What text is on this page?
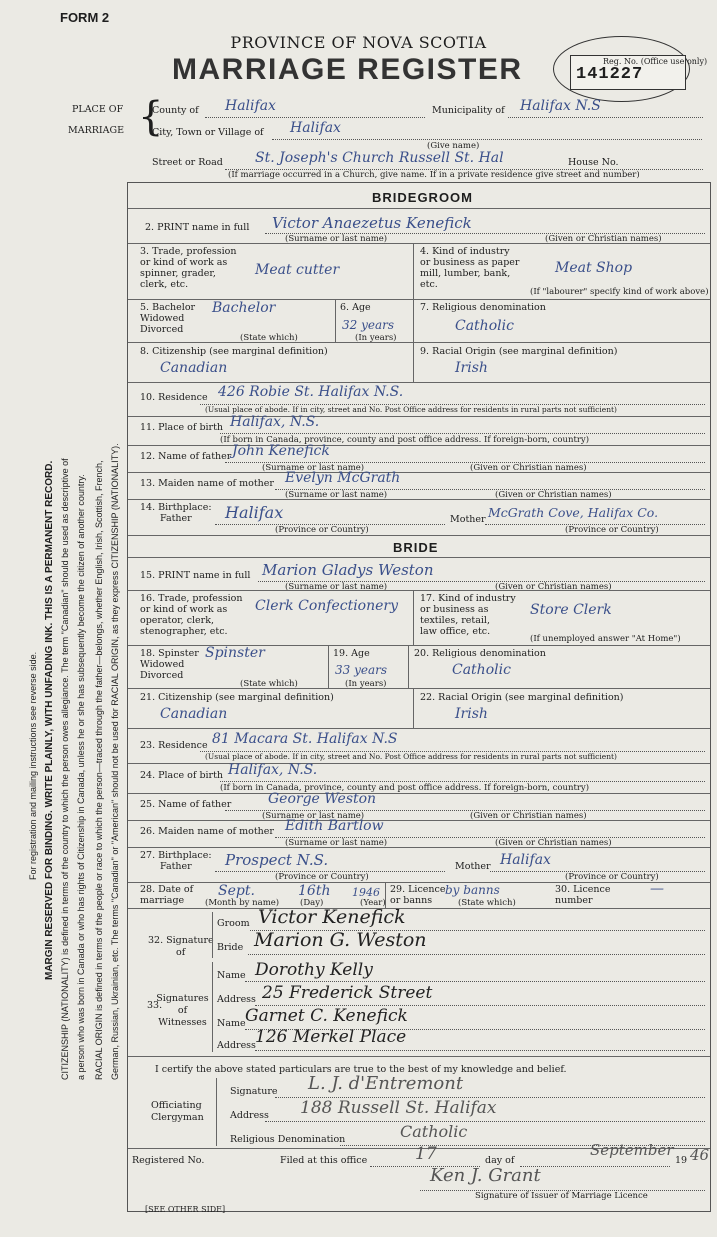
FORM 2
PROVINCE OF NOVA SCOTIA
MARRIAGE REGISTER	Reg. No. (Office use only)
141227
PLACE OF
MARRIAGE {
County of Halifax	Municipality of Halifax N.S
City, Town or Village of Halifax
(Give name)
Street or Road St. Joseph's Church Russell St. Hal	House No.
(If marriage occurred in a Church, give name. If in a private residence give street and number)
For registration and mailing instructions see reverse side. MARGIN RESERVED FOR BINDING. WRITE PLAINLY, WITH UNFADING INK. THIS IS A PERMANENT RECORD. CITIZENSHIP (NATIONALITY) is defined in terms of the country to which the person owes allegiance. The term "Canadian" should be used as descriptive of a person who was born in Canada or who has rights of Citizenship in Canada, unless he or she has subsequently become the citizen of another country. RACIAL ORIGIN is defined in terms of the people or race to which the person—traced through the father—belongs, whether English, Irish, Scottish, French, German, Russian, Ukrainian, etc. The terms "Canadian" or "American" should not be used for RACIAL ORIGIN, as they express CITIZENSHIP (NATIONALITY).
BRIDEGROOM
2. PRINT name in full Victor Anaezetus Kenefick
(Surname or last name)	(Given or Christian names)
3. Trade, profession
or kind of work as
spinner, grader,
clerk, etc.
Meat cutter
4. Kind of industry
or business as paper
mill, lumber, bank,
etc.
Meat Shop
(If "labourer" specify kind of work above)
5. Bachelor
Widowed
Divorced
Bachelor
(State which)
6. Age
32 years
(In years)
7. Religious denomination
Catholic
8. Citizenship (see marginal definition)
Canadian
9. Racial Origin (see marginal definition)
Irish
10. Residence 426 Robie St. Halifax N.S.
(Usual place of abode. If in city, street and No. Post Office address for residents in rural parts not sufficient)
11. Place of birth Halifax, N.S.
(If born in Canada, province, county and post office address. If foreign-born, country)
12. Name of father John Kenefick
(Surname or last name)	(Given or Christian names)
13. Maiden name of mother Evelyn McGrath
(Surname or last name)	(Given or Christian names)
14. Birthplace:
Father	Halifax
(Province or Country)
Mother McGrath Cove, Halifax Co.
(Province or Country)
BRIDE
15. PRINT name in full Marion Gladys Weston
(Surname or last name)	(Given or Christian names)
16. Trade, profession
or kind of work as
operator, clerk,
stenographer, etc.
Clerk Confectionery	17. Kind of industry
or business as
textiles, retail,
law office, etc.
Store Clerk
(If unemployed answer "At Home")
18. Spinster
Widowed
Divorced
Spinster
(State which)
19. Age
33 years
(In years)
20. Religious denomination
Catholic
21. Citizenship (see marginal definition)
Canadian
22. Racial Origin (see marginal definition)
Irish
23. Residence 81 Macara St. Halifax N.S
(Usual place of abode. If in city, street and No. Post Office address for residents in rural parts not sufficient)
24. Place of birth Halifax, N.S.
(If born in Canada, province, county and post office address. If foreign-born, country)
25. Name of father	George Weston
(Surname or last name)	(Given or Christian names)
26. Maiden name of mother Edith Bartlow
(Surname or last name)	(Given or Christian names)
27. Birthplace:
Father	Prospect N.S.
(Province or Country)
Mother Halifax
(Province or Country)
28. Date of
marriage
Sept.	16th 1946
(Month by name) (Day)	(Year)
29. Licence
or banns
by banns
(State which)
30. Licence
number
—
32. Signature
of
Groom Victor Kenefick
Bride Marion G. Weston
33.
Signatures
of
Witnesses
Name Dorothy Kelly
Address 25 Frederick Street
Name Garnet C. Kenefick
Address 126 Merkel Place
I certify the above stated particulars are true to the best of my knowledge and belief.
Officiating
Clergyman
Signature L. J. d'Entremont
Address 188 Russell St. Halifax
Religious Denomination	Catholic
Registered No.	Filed at this office	17	day of
September
19 46
Ken J. Grant
Signature of Issuer of Marriage Licence
[SEE OTHER SIDE]
